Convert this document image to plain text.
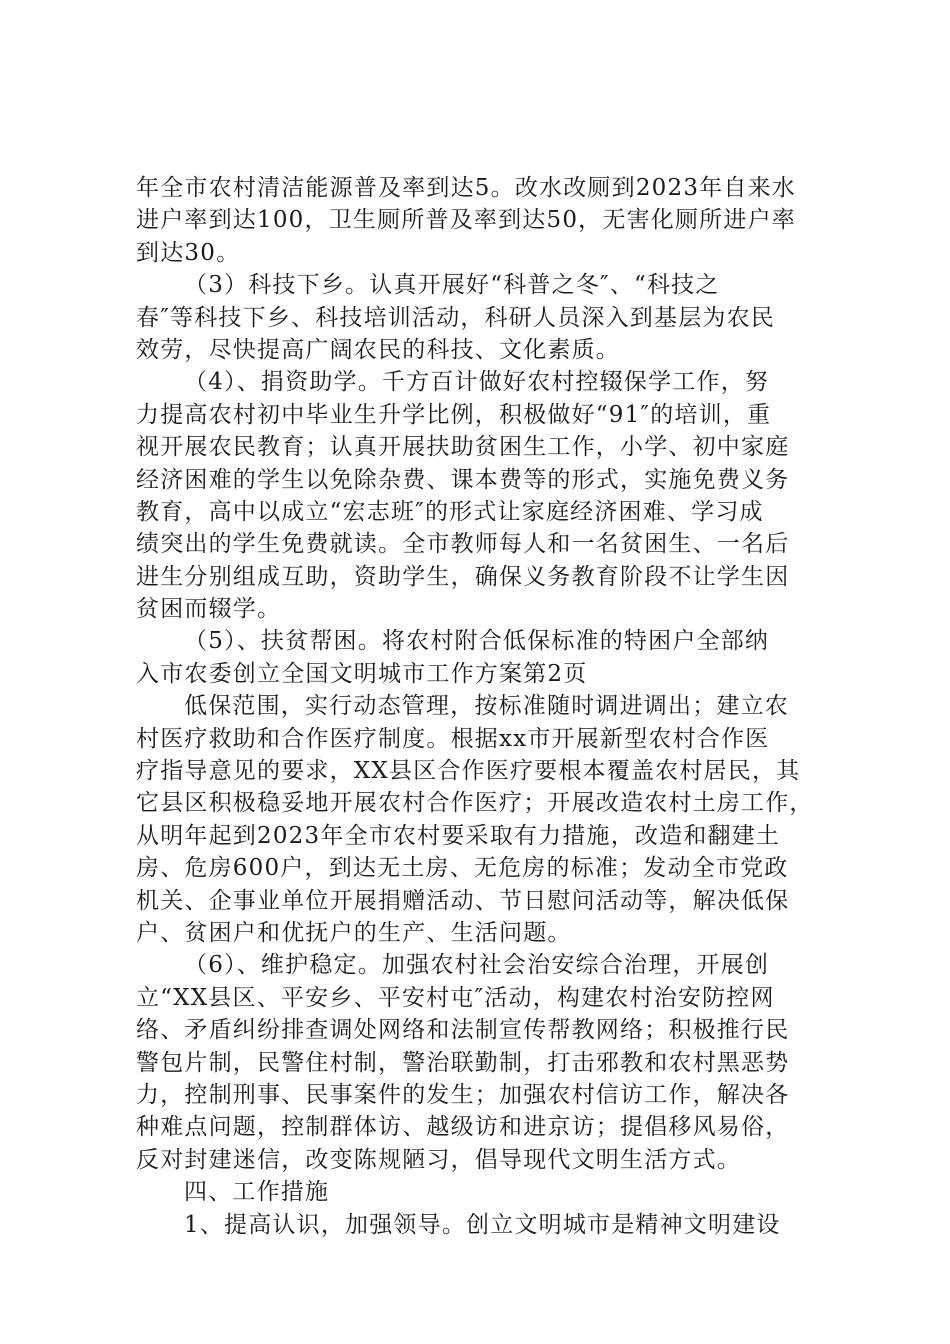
年全市农村清洁能源普及率到达5。改水改厕到2023年自来水
进户率到达100，卫生厕所普及率到达50，无害化厕所进户率
到达30。
（3）科技下乡。认真开展好“科普之冬″、“科技之
春″等科技下乡、科技培训活动，科研人员深入到基层为农民
效劳，尽快提高广阔农民的科技、文化素质。
（4）、捐资助学。千方百计做好农村控辍保学工作，努
力提高农村初中毕业生升学比例，积极做好“91″的培训，重
视开展农民教育；认真开展扶助贫困生工作，小学、初中家庭
经济困难的学生以免除杂费、课本费等的形式，实施免费义务
教育，高中以成立“宏志班″的形式让家庭经济困难、学习成
绩突出的学生免费就读。全市教师每人和一名贫困生、一名后
进生分别组成互助，资助学生，确保义务教育阶段不让学生因
贫困而辍学。
（5）、扶贫帮困。将农村附合低保标准的特困户全部纳
入市农委创立全国文明城市工作方案第2页
低保范围，实行动态管理，按标准随时调进调出；建立农
村医疗救助和合作医疗制度。根据xx市开展新型农村合作医
疗指导意见的要求，XX县区合作医疗要根本覆盖农村居民，其
它县区积极稳妥地开展农村合作医疗；开展改造农村土房工作，
从明年起到2023年全市农村要采取有力措施，改造和翻建土
房、危房600户，到达无土房、无危房的标准；发动全市党政
机关、企事业单位开展捐赠活动、节日慰问活动等，解决低保
户、贫困户和优抚户的生产、生活问题。
（6）、维护稳定。加强农村社会治安综合治理，开展创
立“XX县区、平安乡、平安村屯″活动，构建农村治安防控网
络、矛盾纠纷排查调处网络和法制宣传帮教网络；积极推行民
警包片制，民警住村制，警治联勤制，打击邪教和农村黑恶势
力，控制刑事、民事案件的发生；加强农村信访工作，解决各
种难点问题，控制群体访、越级访和进京访；提倡移风易俗，
反对封建迷信，改变陈规陋习，倡导现代文明生活方式。
四、工作措施
1、提高认识，加强领导。创立文明城市是精神文明建设
